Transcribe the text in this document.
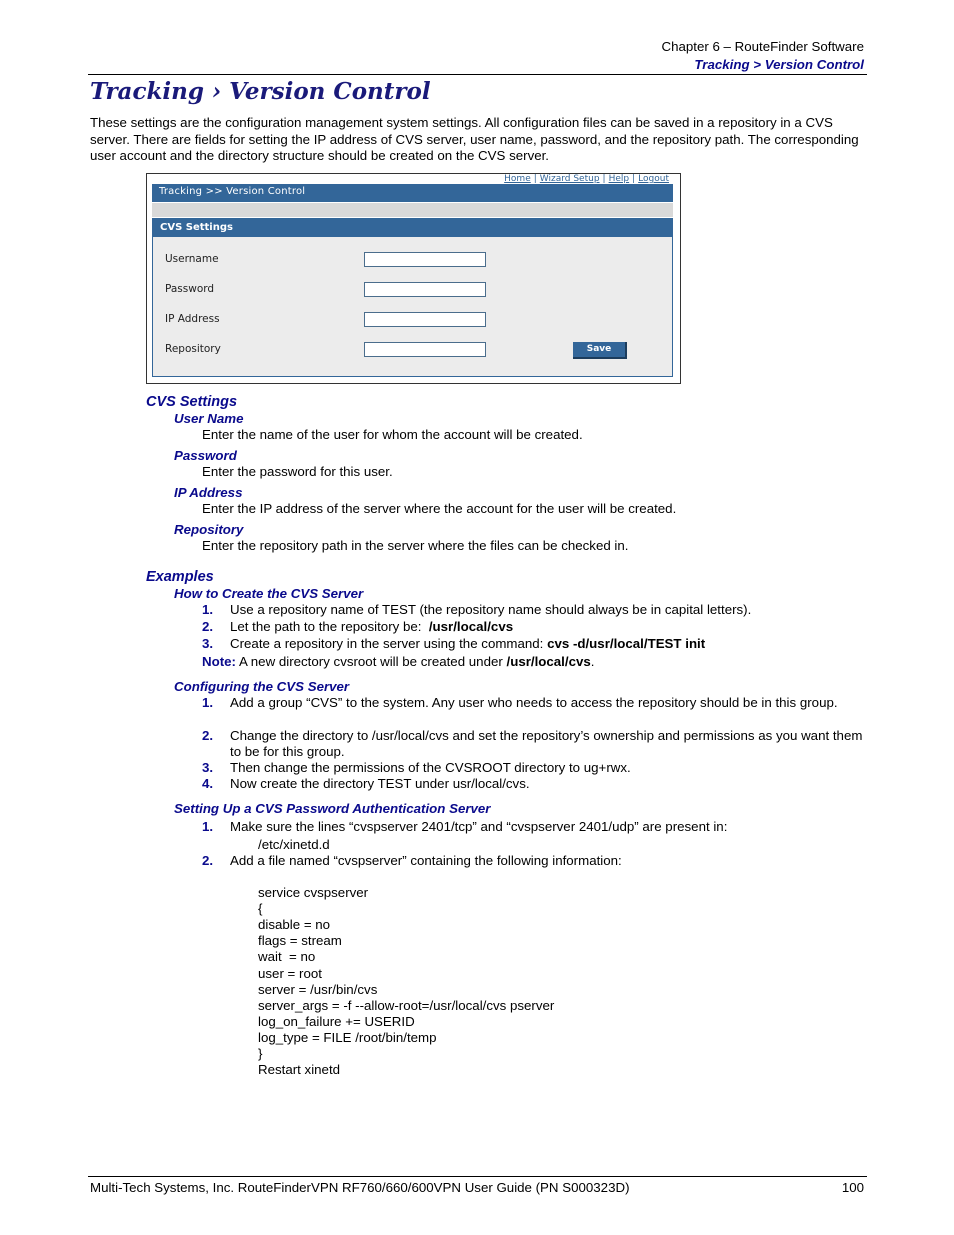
Chapter 6 – RouteFinder Software
Tracking > Version Control
Tracking › Version Control
These settings are the configuration management system settings. All configuration files can be saved in a repository in a CVS server. There are fields for setting the IP address of CVS server, user name, password, and the repository path. The corresponding user account and the directory structure should be created on the CVS server.
Home | Wizard Setup | Help | Logout
Tracking >> Version Control
CVS Settings
Username
Password
IP Address
Repository	Save
CVS Settings
User Name
Enter the name of the user for whom the account will be created.
Password
Enter the password for this user.
IP Address
Enter the IP address of the server where the account for the user will be created.
Repository
Enter the repository path in the server where the files can be checked in.
Examples
How to Create the CVS Server
1. Use a repository name of TEST (the repository name should always be in capital letters).
2. Let the path to the repository be:  /usr/local/cvs
3. Create a repository in the server using the command: cvs -d/usr/local/TEST init
Note: A new directory cvsroot will be created under /usr/local/cvs.
Configuring the CVS Server
1. Add a group “CVS” to the system. Any user who needs to access the repository should be in this group.
2. Change the directory to /usr/local/cvs and set the repository’s ownership and permissions as you want them to be for this group.
3. Then change the permissions of the CVSROOT directory to ug+rwx.
4. Now create the directory TEST under usr/local/cvs.
Setting Up a CVS Password Authentication Server
1. Make sure the lines “cvspserver 2401/tcp” and “cvspserver 2401/udp” are present in:
/etc/xinetd.d
2. Add a file named “cvspserver” containing the following information:

service cvspserver
{
disable = no
flags = stream
wait  = no
user = root
server = /usr/bin/cvs
server_args = -f --allow-root=/usr/local/cvs pserver
log_on_failure += USERID
log_type = FILE /root/bin/temp
}
Restart xinetd

Multi-Tech Systems, Inc. RouteFinderVPN RF760/660/600VPN User Guide (PN S000323D)	100
